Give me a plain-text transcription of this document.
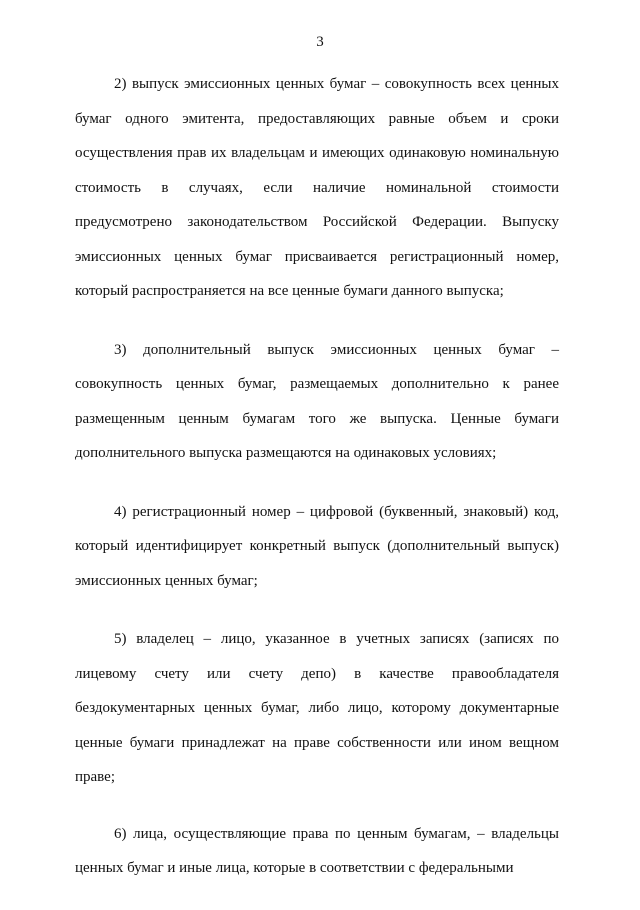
3

2) выпуск эмиссионных ценных бумаг – совокупность всех ценных бумаг одного эмитента, предоставляющих равные объем и сроки осуществления прав их владельцам и имеющих одинаковую номинальную стоимость в случаях, если наличие номинальной стоимости предусмотрено законодательством Российской Федерации. Выпуску эмиссионных ценных бумаг присваивается регистрационный номер, который распространяется на все ценные бумаги данного выпуска;

3) дополнительный выпуск эмиссионных ценных бумаг – совокупность ценных бумаг, размещаемых дополнительно к ранее размещенным ценным бумагам того же выпуска. Ценные бумаги дополнительного выпуска размещаются на одинаковых условиях;

4) регистрационный номер – цифровой (буквенный, знаковый) код, который идентифицирует конкретный выпуск (дополнительный выпуск) эмиссионных ценных бумаг;

5) владелец – лицо, указанное в учетных записях (записях по лицевому счету или счету депо) в качестве правообладателя бездокументарных ценных бумаг, либо лицо, которому документарные ценные бумаги принадлежат на праве собственности или ином вещном праве;

6) лица, осуществляющие права по ценным бумагам, – владельцы ценных бумаг и иные лица, которые в соответствии с федеральными
